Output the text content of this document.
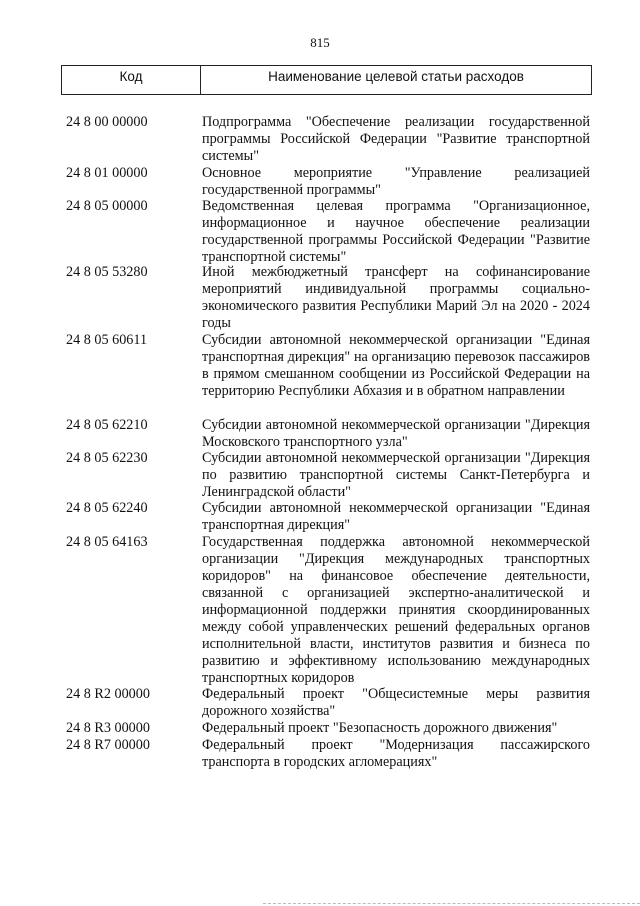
815
Код	Наименование целевой статьи расходов
24 8 00 00000	Подпрограмма "Обеспечение реализации государственной программы Российской Федерации "Развитие транспортной системы"
24 8 01 00000	Основное мероприятие "Управление реализацией государственной программы"
24 8 05 00000	Ведомственная целевая программа "Организационное, информационное и научное обеспечение реализации государственной программы Российской Федерации "Развитие транспортной системы"
24 8 05 53280	Иной межбюджетный трансферт на софинансирование мероприятий индивидуальной программы социально-экономического развития Республики Марий Эл на 2020 - 2024 годы
24 8 05 60611	Субсидии автономной некоммерческой организации "Единая транспортная дирекция" на организацию перевозок пассажиров в прямом смешанном сообщении из Российской Федерации на территорию Республики Абхазия и в обратном направлении
24 8 05 62210	Субсидии автономной некоммерческой организации "Дирекция Московского транспортного узла"
24 8 05 62230	Субсидии автономной некоммерческой организации "Дирекция по развитию транспортной системы Санкт-Петербурга и Ленинградской области"
24 8 05 62240	Субсидии автономной некоммерческой организации "Единая транспортная дирекция"
24 8 05 64163	Государственная поддержка автономной некоммерческой организации "Дирекция международных транспортных коридоров" на финансовое обеспечение деятельности, связанной с организацией экспертно-аналитической и информационной поддержки принятия скоординированных между собой управленческих решений федеральных органов исполнительной власти, институтов развития и бизнеса по развитию и эффективному использованию международных транспортных коридоров
24 8 R2 00000	Федеральный проект "Общесистемные меры развития дорожного хозяйства"
24 8 R3 00000	Федеральный проект "Безопасность дорожного движения"
24 8 R7 00000	Федеральный проект "Модернизация пассажирского транспорта в городских агломерациях"
